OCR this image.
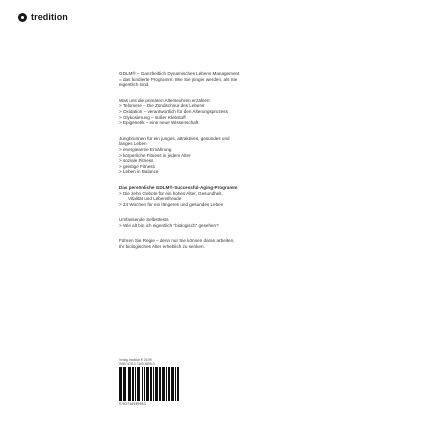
tredition

GDLM® – Ganzheitlich Dynamisches Lebens Management

= das fundierte Programm: Wie Sie jünger werden, als Sie

eigentlich sind.

Was uns die primären Alterseuhren erzählen:

> Telomere – Die Zündschnur des Lebens
> Oxidation – verantwortlich für den Alterungsprozess
> Glykosierung – süßer Klebstoff
> Epigenetik – eine neue Wissenschaft

Jungbrunnen für ein junges, attraktives, gesundes und

langes Leben

> energiearme Ernährung
> körperliche Fitness in jedem Alter
> soziale Fitness
> geistige Fitness
> Leben in Balance

Das persönliche GDLM®-Successful-Aging-Programm

> Die zehn Gebote für ein hohes Alter, Gesundheit,

Vitalität und Lebensfreude

> 24 Wochen für ein längeres und gesundes Leben

Umfassende Selbsttests

> Wie alt bin ich eigentlich "biologisch" gesehen?

Führen Sie Regie – denn nur Sie können daran arbeiten,

Ihr biologisches Alter erheblich zu senken.

Verlag tredition € 26,99
ISBN 978-3-7469-8595-3
9783746985953
